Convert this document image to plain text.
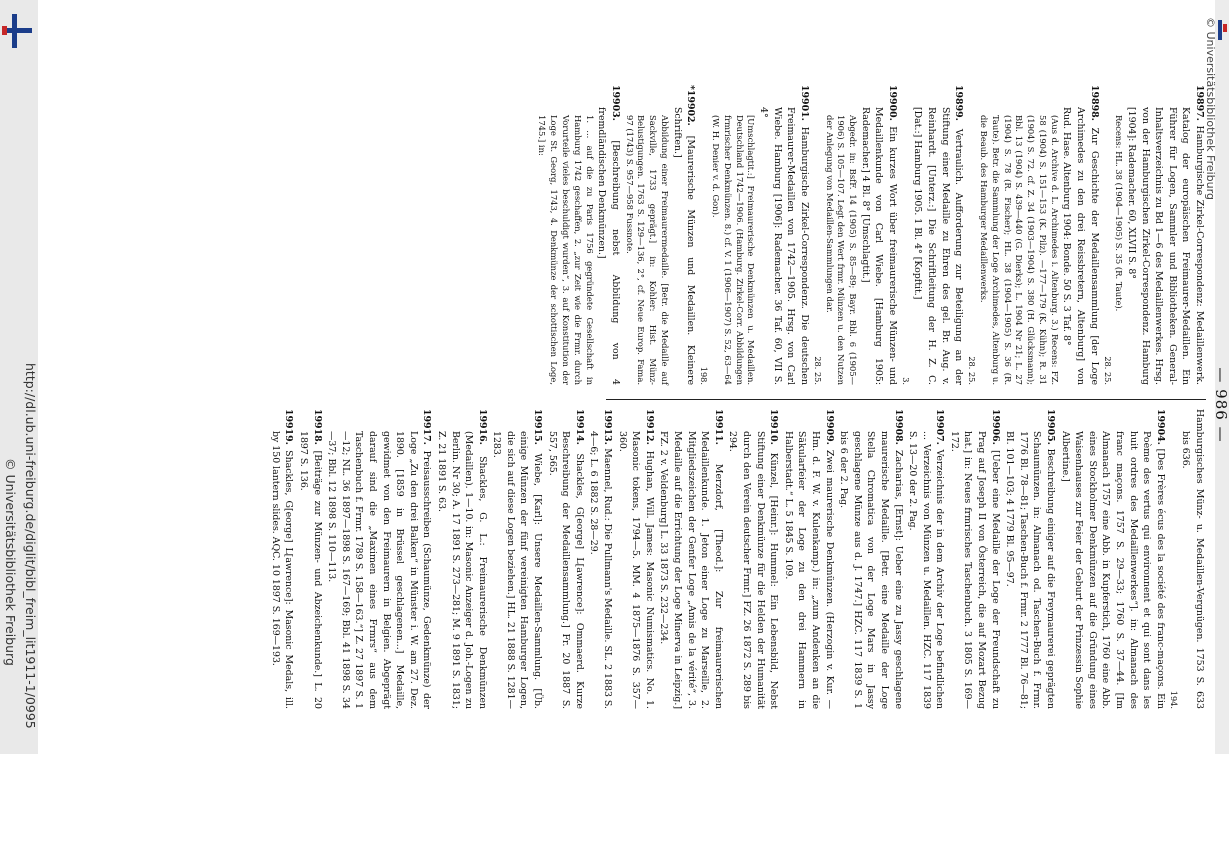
http://dl.ub.uni-freiburg.de/diglit/bibl_freim_lit1911-1/0995
© Universitätsbibliothek Freiburg
© Universitätsbibliothek Freiburg
— 986 —
19897. Hamburgische Zirkel-Correspondenz: Medaillenwerk. Katalog der europäischen Freimaurer-Medaillen. Ein Führer für Logen, Sammler und Bibliotheken. General-Inhaltsverzeichnis zu Bd 1—6 des Medaillenwerkes. Hrsg. von der Hamburgischen Zirkel-Correspondenz. Hamburg [1904]: Rademacher. 60, XLVII S. 8°
Recens: HL. 38 (1904—1905) S. 35 (R. Taute).
28. 25.
19898. Zur Geschichte der Medaillensammlung [der Loge Archimedes zu den drei Reissbretern, Altenburg] von Rud. Hase. Altenburg 1904: Bonde. 50 S. 3 Taf. 8°
(Aus d. Archive d. L. Archimedes i. Altenburg. 3.) Recens: FZ. 58 (1904) S. 151—153 (K. Pilz). —177—179 (K. Kühn); R. 31 (1904) S. 72. cf. Z. 34 (1903—1904) S. 380 (H. Glücksmann); Bbl. 13 (1904) S. 439—440 (G. Dierks); L. 1904 Nr 21; L. 27 (1904) S. 78 (R. Fischer); HL. 38 (1904—1905) S. 36 (R. Taute). Betr. die Sammlung der Loge Archimedes, Altenburg u. die Beaub. des Hamburger Medaillenwerks.
28. 25.
19899. Vertraulich. Aufforderung zur Beteiligung an der Stiftung einer Medaille zu Ehren des gel. Br. Aug. v. Reinhardt. [Unterz.:] Die Schriftleitung der H. Z. C. [Dat.:] Hamburg 1905. 1 Bl. 4° [Kopftit.]
3.
19900. Ein kurzes Wort über freimaurerische Münzen- und Medaillenkunde von Carl Wiebe. [Hamburg 1905: Rademacher.] 4 Bl. 8° [Umschlagtit.]
Abgedr. in: BsfF. 14 (1905) S. 85—89; Bayr. Bbl. 6 (1905—1906) S. 105—107. Legt den Wert frmr. Münzen u. den Nutzen der Anlegung von Medaillen-Sammlungen dar.
28. 25.
19901. Hamburgische Zirkel-Correspondenz. Die deutschen Freimaurer-Medaillen von 1742—1905. Hrsg. von Carl Wiebe. Hamburg [1906]: Rademacher. 36 Taf. 60, VII S. 4°
[Umschlagtit.:] Freimaurerische Denkmünzen u. Medaillen. Deutschland 1742—1906. (Hamburg. Zirkel-Corr. Abbildungen frmrischer Denkmünzen. 8.) cf. V. 1 (1906—1907) S. 52, 63—64 (W. H. Denier v. d. Gon).
198.
*19902. [Maurerische Münzen und Medaillen. Kleinere Schriften.]
Abbildung einer Freimaurermedaille. [Betr. die Medaille auf Sackville, 1733 geprägt.] in: Kohler: Hist. Münz-Belustigungen. 1763 S. 129—136, 2°, cf. Neue Europ. Fama. 97 (1743) S. 957—958 Fussnote.
19903. [Beschreibung nebst Abbildung von 4 fremdländischen Denkmünzen.]
1. ... auf die zu Paris 1756 gegründete Gesellschaft in Hamburg 1742 geschaffen, 2. „zur Zeit wie die Frmr. durch Vorurteile vieles beschuldigt wurden“, 3. auf Konstitution der Loge St. Georg, 1743, 4. Denkmünze der schottischen Loge, 1745.] in:
Hamburgisches Münz- u. Medaillen-Vergnügen. 1753 S. 633 bis 636.
194.
19904. [Des Frères écus des la société des franc-maçons. Ein Poème des vertus qui environnent et qui sont dans les huit ordres des Medaillenwerkes“]. in: Almanach des franc maçons. 1757 S. 29—33; 1760 S. 37—44. [Im Almanach 1757 eine Abb. in Kupferstich, 1760 eine Abb. eines Stockholmer Denkmünzen auf die Gründung eines Waisenhauses zur Feier der Geburt der Prinzessin Sophie Albertine.]
19905. Beschreibung einiger auf die Freymaurerei geprägten Schaumünzen. in: Almanach od. Taschen-Buch f. Frmr. 1776 Bl. 78—81; Taschen-Buch f. Frmr. 2 1777 Bl. 76—81; BI. 101—103; 4 1779 Bl. 95—97.
19906. [Ueber eine Medaille der Loge der Freundschaft zu Prag auf Joseph II von Österreich, die auf Mozart Bezug hat.] in: Neues frmrisches Taschenbuch. 3 1805 S. 169—172.
19907. Verzeichnis der in dem Archiv der Loge befindlichen ... Verzeichnis von Münzen u. Medaillen. HZC. 117 1839 S. 13—20 der 2. Pag.
19908. Zacharias, [Ernst]: Ueber eine zu Jassy geschlagene maurerische Medaille. [Betr. eine Medaille der Loge Stella Chromatica von der Loge Mars in Jassy geschlagene Münze aus d. J. 1747.] HZC. 117 1839 S. 1 bis 6 der 2. Pag.
19909. Zwei maurerische Denkmünzen. (Herzogin v. Kur. — Hm. d. F. W. v. Kulenkamp.) in: „zum Andenken an die Säkularfeier der Loge zu den drei Hammern in Halberstadt.“ L. 5 1845 S. 109.
19910. Künzel, [Heinr.]: Hummel: Ein Lebensbild, Nebst Stiftung einer Denkmünze für die Helden der Humanität durch den Verein deutscher Frmr.] FZ. 26 1872 S. 289 bis 294.
19911. Merzdorf, [Theod.]: Zur freimaurerischen Medaillenkunde. 1. Jeton einer Loge zu Marseille, 2. Mitgliedszeichen der Genfer Loge „Amis de la vérité“, 3. Medaille auf die Errichtung der Loge Minerva in Leipzig.] FZ. 2 v. Veldenburg] L. 33 1873 S. 232—234.
19912. Hughan, Will. James: Masonic Numismatics. No. 1. Masonic tokens, 1794—5. MM. 4 1875—1876 S. 357—360.
19913. Maennel, Rud.: Die Pullmann's Medaille. SL. 2 1883 S. 4—6; L. 6 1882 S. 28—29.
19914. Shackles, G[eorge] L[awrence]: Ommaerd. Kurze Beschreibung der Medaillensammlung.] Fr. 20 1887 S. 557, 565.
19915. Wiebe, [Karl]: Unsere Medaillen-Sammlung. [Üb. einige Münzen der fünf vereinigten Hamburger Logen, die sich auf diese Logen beziehen.] HL. 21 1888 S. 1281—1283.
19916. Shackles, G. L.: Freimaurerische Denkmünzen (Medaillen). 1—10. in: Masonic Anzeiger d. Joh.-Logen zu Berlin. Nr 30; A. 17 1891 S. 273—281; M. 9 1891 S. 1831; Z. 21 1891 S. 63.
19917. Preisausschreiben (Schaumünze, Gedenkmünze) der Loge „Zu den drei Balken“ in Münster i. W. am 27. Dez. 1890. [1859 in Brüssel geschlagenen...] Medaille, gewidmet von den Freimaurern in Belgien. Abgeprägt darauf sind die „Maximen eines Frmrs“ aus dem Taschenbuch f. Frmr. 1789 S. 158—163.“] Z. 27 1897 S. 1—12; NL. 36 1897—1898 S. 167—169; Bbl. 41 1898 S. 34—37; Bbl. 12 1898 S. 110—113.
19918. [Beiträge zur Münzen- und Abzeichenkunde.] L. 20 1897 S. 136.
19919. Shackles, G[eorge] L[awrence]: Masonic Medals, ill. by 150 lantern slides. AQC. 10 1897 S. 169—193.
